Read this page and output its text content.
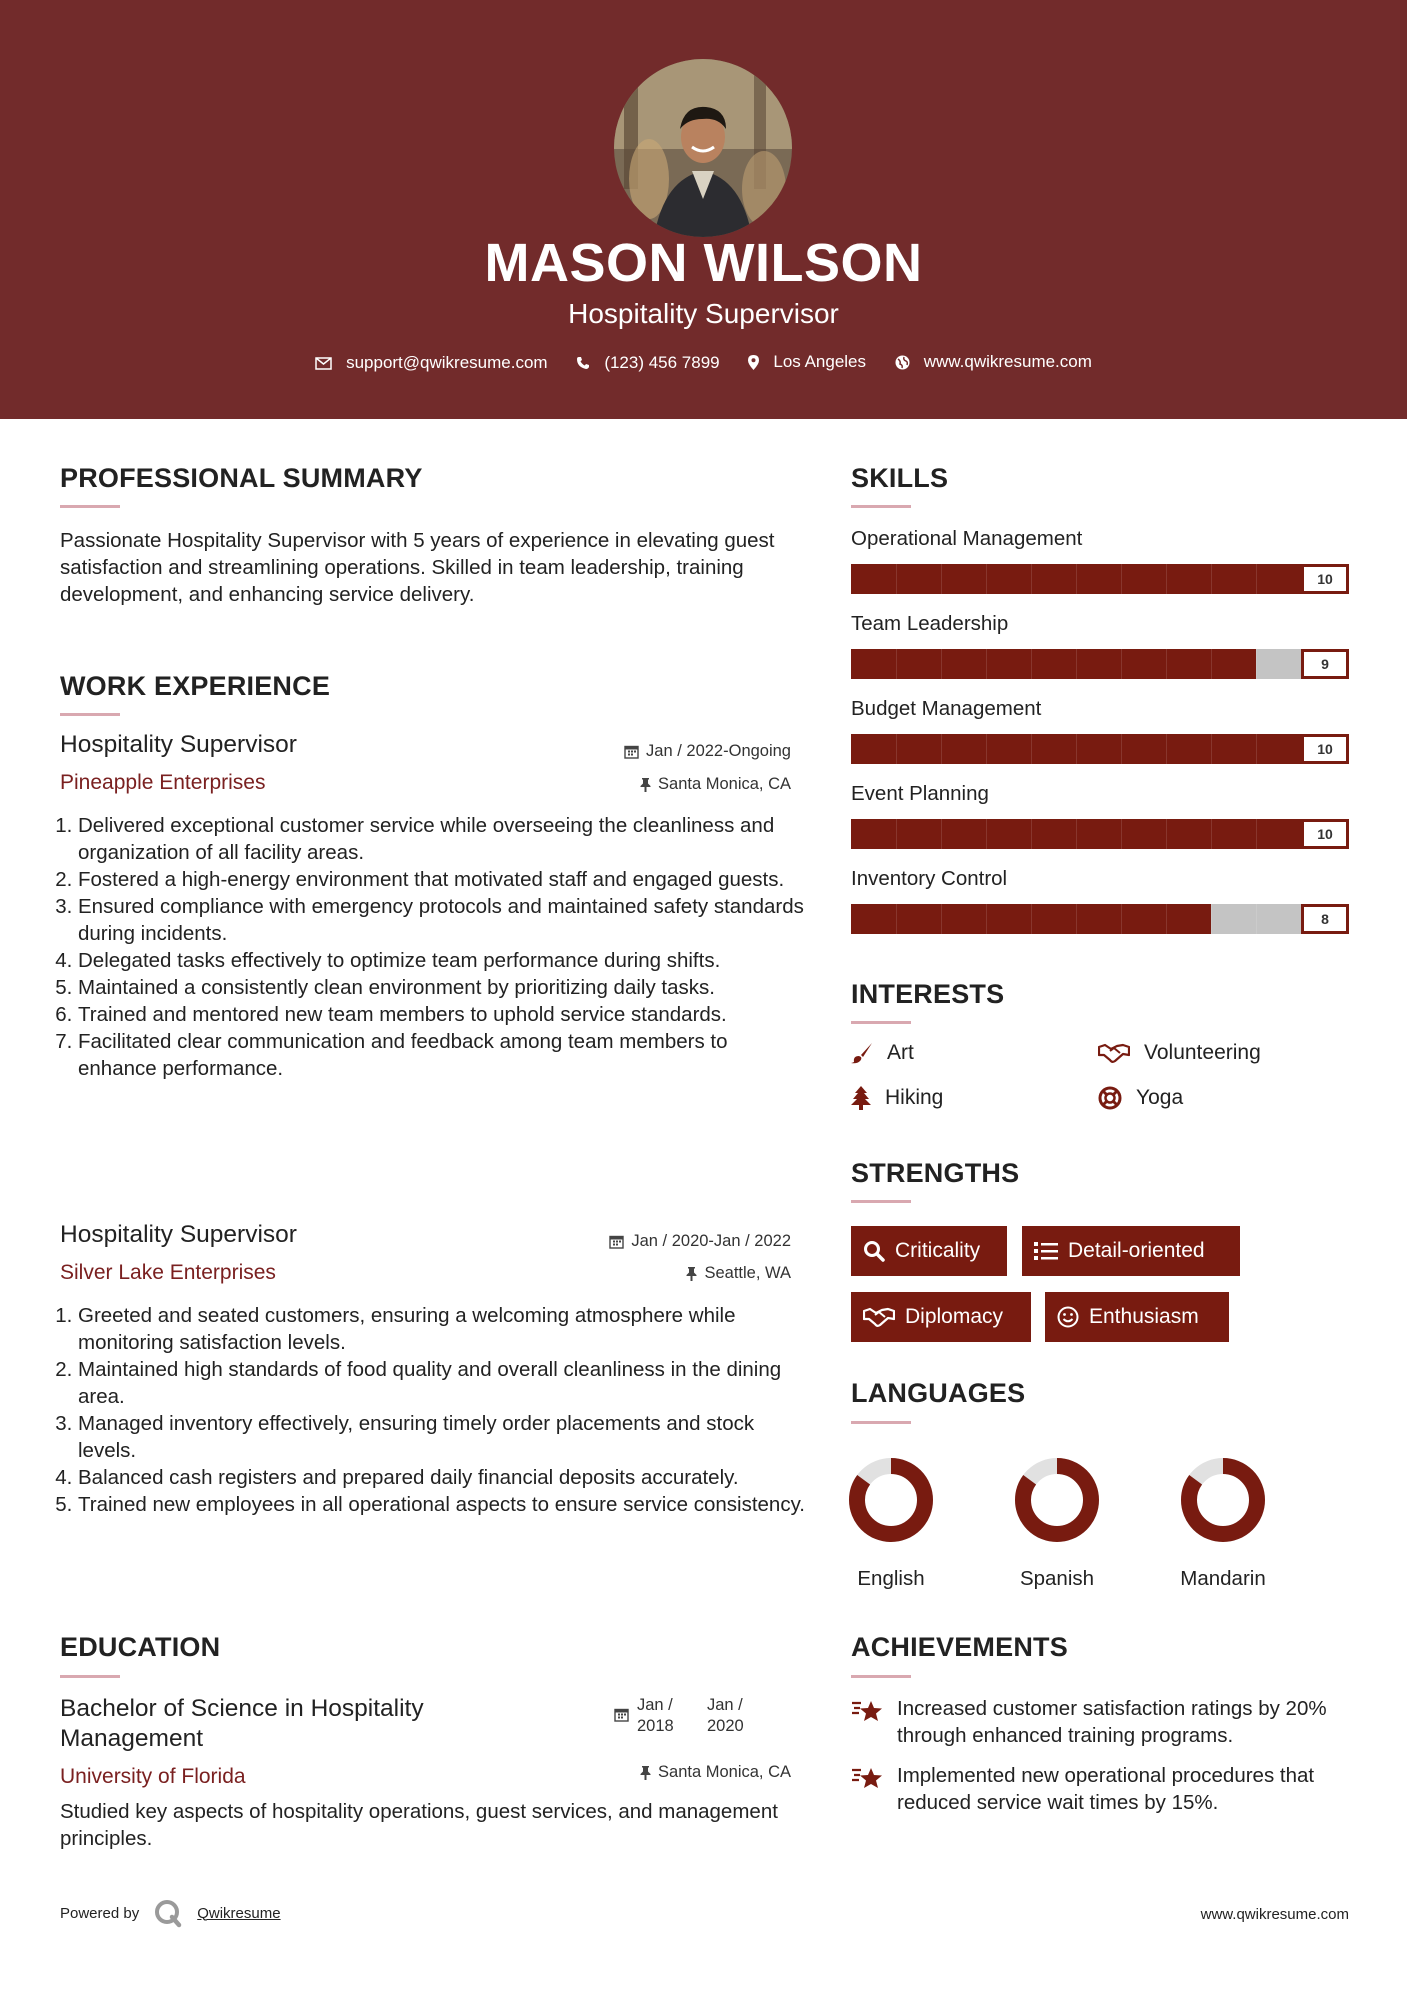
MASON WILSON
Hospitality Supervisor
support@qwikresume.com
	(123) 456 7899
	Los Angeles
	www.qwikresume.com
PROFESSIONAL SUMMARY
Passionate Hospitality Supervisor with 5 years of experience in elevating guest satisfaction and streamlining operations. Skilled in team leadership, training development, and enhancing service delivery.
WORK EXPERIENCE
Hospitality Supervisor	Jan / 2022-Ongoing
Pineapple Enterprises	Santa Monica, CA
1. Delivered exceptional customer service while overseeing the cleanliness and organization of all facility areas.
2. Fostered a high-energy environment that motivated staff and engaged guests.
3. Ensured compliance with emergency protocols and maintained safety standards during incidents.
4. Delegated tasks effectively to optimize team performance during shifts.
5. Maintained a consistently clean environment by prioritizing daily tasks.
6. Trained and mentored new team members to uphold service standards.
7. Facilitated clear communication and feedback among team members to enhance performance.
Hospitality Supervisor	Jan / 2020-Jan / 2022
Silver Lake Enterprises	Seattle, WA
1. Greeted and seated customers, ensuring a welcoming atmosphere while monitoring satisfaction levels.
2. Maintained high standards of food quality and overall cleanliness in the dining area.
3. Managed inventory effectively, ensuring timely order placements and stock levels.
4. Balanced cash registers and prepared daily financial deposits accurately.
5. Trained new employees in all operational aspects to ensure service consistency.
EDUCATION
Bachelor of Science in Hospitality Management
Jan / 2018
Jan / 2020
University of Florida	Santa Monica, CA
Studied key aspects of hospitality operations, guest services, and management principles.
SKILLS
Operational Management
10
Team Leadership
9
Budget Management
10
Event Planning
10
Inventory Control
8
INTERESTS
Art	Volunteering
Hiking	Yoga
STRENGTHS
Criticality	Detail-oriented
Diplomacy	Enthusiasm
LANGUAGES
English	Spanish	Mandarin
ACHIEVEMENTS
Increased customer satisfaction ratings by 20% through enhanced training programs.
Implemented new operational procedures that reduced service wait times by 15%.
Powered by	Qwikresume	www.qwikresume.com
